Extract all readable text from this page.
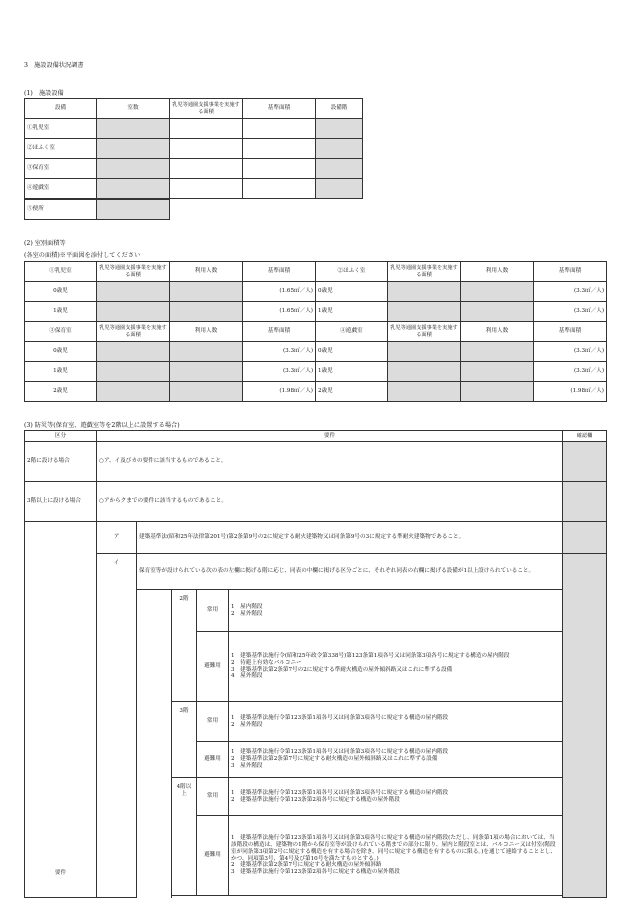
3　施設設備状況調書
(1)　施設設備
設備	室数	乳児等通園支援事業を実施する面積	基準面積	設備階
①乳児室				
②ほふく室				
③保育室				
④遊戯室				
⑤便所	
(2) 室別面積等
(各室の面積)※平面図を添付してください
①乳児室	乳児等通園支援事業を実施する面積	利用人数	基準面積	②ほふく室	乳児等通園支援事業を実施する面積	利用人数	基準面積
0歳児			(1.65㎡／人)	0歳児			(3.3㎡／人)
1歳児			(1.65㎡／人)	1歳児			(3.3㎡／人)
③保育室	乳児等通園支援事業を実施する面積	利用人数	基準面積	④遊戯室	乳児等通園支援事業を実施する面積	利用人数	基準面積
0歳児			(3.3㎡／人)	0歳児			(3.3㎡／人)
1歳児			(3.3㎡／人)	1歳児			(3.3㎡／人)
2歳児			(1.98㎡／人)	2歳児			(1.98㎡／人)
(3) 防災等(保育室、遊戯室等を2階以上に設置する場合)
区分	要件					確認欄
2階に設ける場合	○ア、イ及びカの要件に該当するものであること。					
3階以上に設ける場合	○アからクまでの要件に該当するものであること。					
要件	ア	建築基準法(昭和25年法律第201号)第2条第9号の2に規定する耐火建築物又は同条第9号の3に規定する準耐火建築物であること。				
	イ	保育室等が設けられている次の表の左欄に掲げる階に応じ、同表の中欄に掲げる区分ごとに、それぞれ同表の右欄に掲げる設備が1以上設けられていること。				
			2階	常用	1　屋内階段
2　屋外階段	

				避難用	1　建築基準法施行令(昭和25年政令第338号)第123条第1項各号又は同条第3項各号に規定する構造の屋内階段
2　待避上有効なバルコニー
3　建築基準法第2条第7号の2に規定する準耐火構造の屋外傾斜路又はこれに準ずる設備
4　屋外階段	

			3階	常用	1　建築基準法施行令第123条第1項各号又は同条第3項各号に規定する構造の屋内階段
2　屋外階段	

				避難用	1　建築基準法施行令第123条第1項各号又は同条第3項各号に規定する構造の屋内階段
2　建築基準法第2条第7号に規定する耐火構造の屋外傾斜路又はこれに準ずる設備
3　屋外階段	

			4階以上	常用	1　建築基準法施行令第123条第1項各号又は同条第3項各号に規定する構造の屋内階段
2　建築基準法施行令第123条第2項各号に規定する構造の屋外階段	

				避難用	1　建築基準法施行令第123条第1項各号又は同条第3項各号に規定する構造の屋内階段(ただし、同条第1項の場合においては、当該階段の構造は、建築物の1階から保育室等が設けられている階までの部分に限り、屋内と階段室とは、バルコニー又は付室(階段室が同条第3項第2号に規定する構造を有する場合を除き、同号に規定する構造を有するものに限る。)を通じて連絡することとし、かつ、同項第3号、第4号及び第10号を満たすものとする。)
2　建築基準法第2条第7号に規定する耐火構造の屋外傾斜路
3　建築基準法施行令第123条第2項各号に規定する構造の屋外階段	
